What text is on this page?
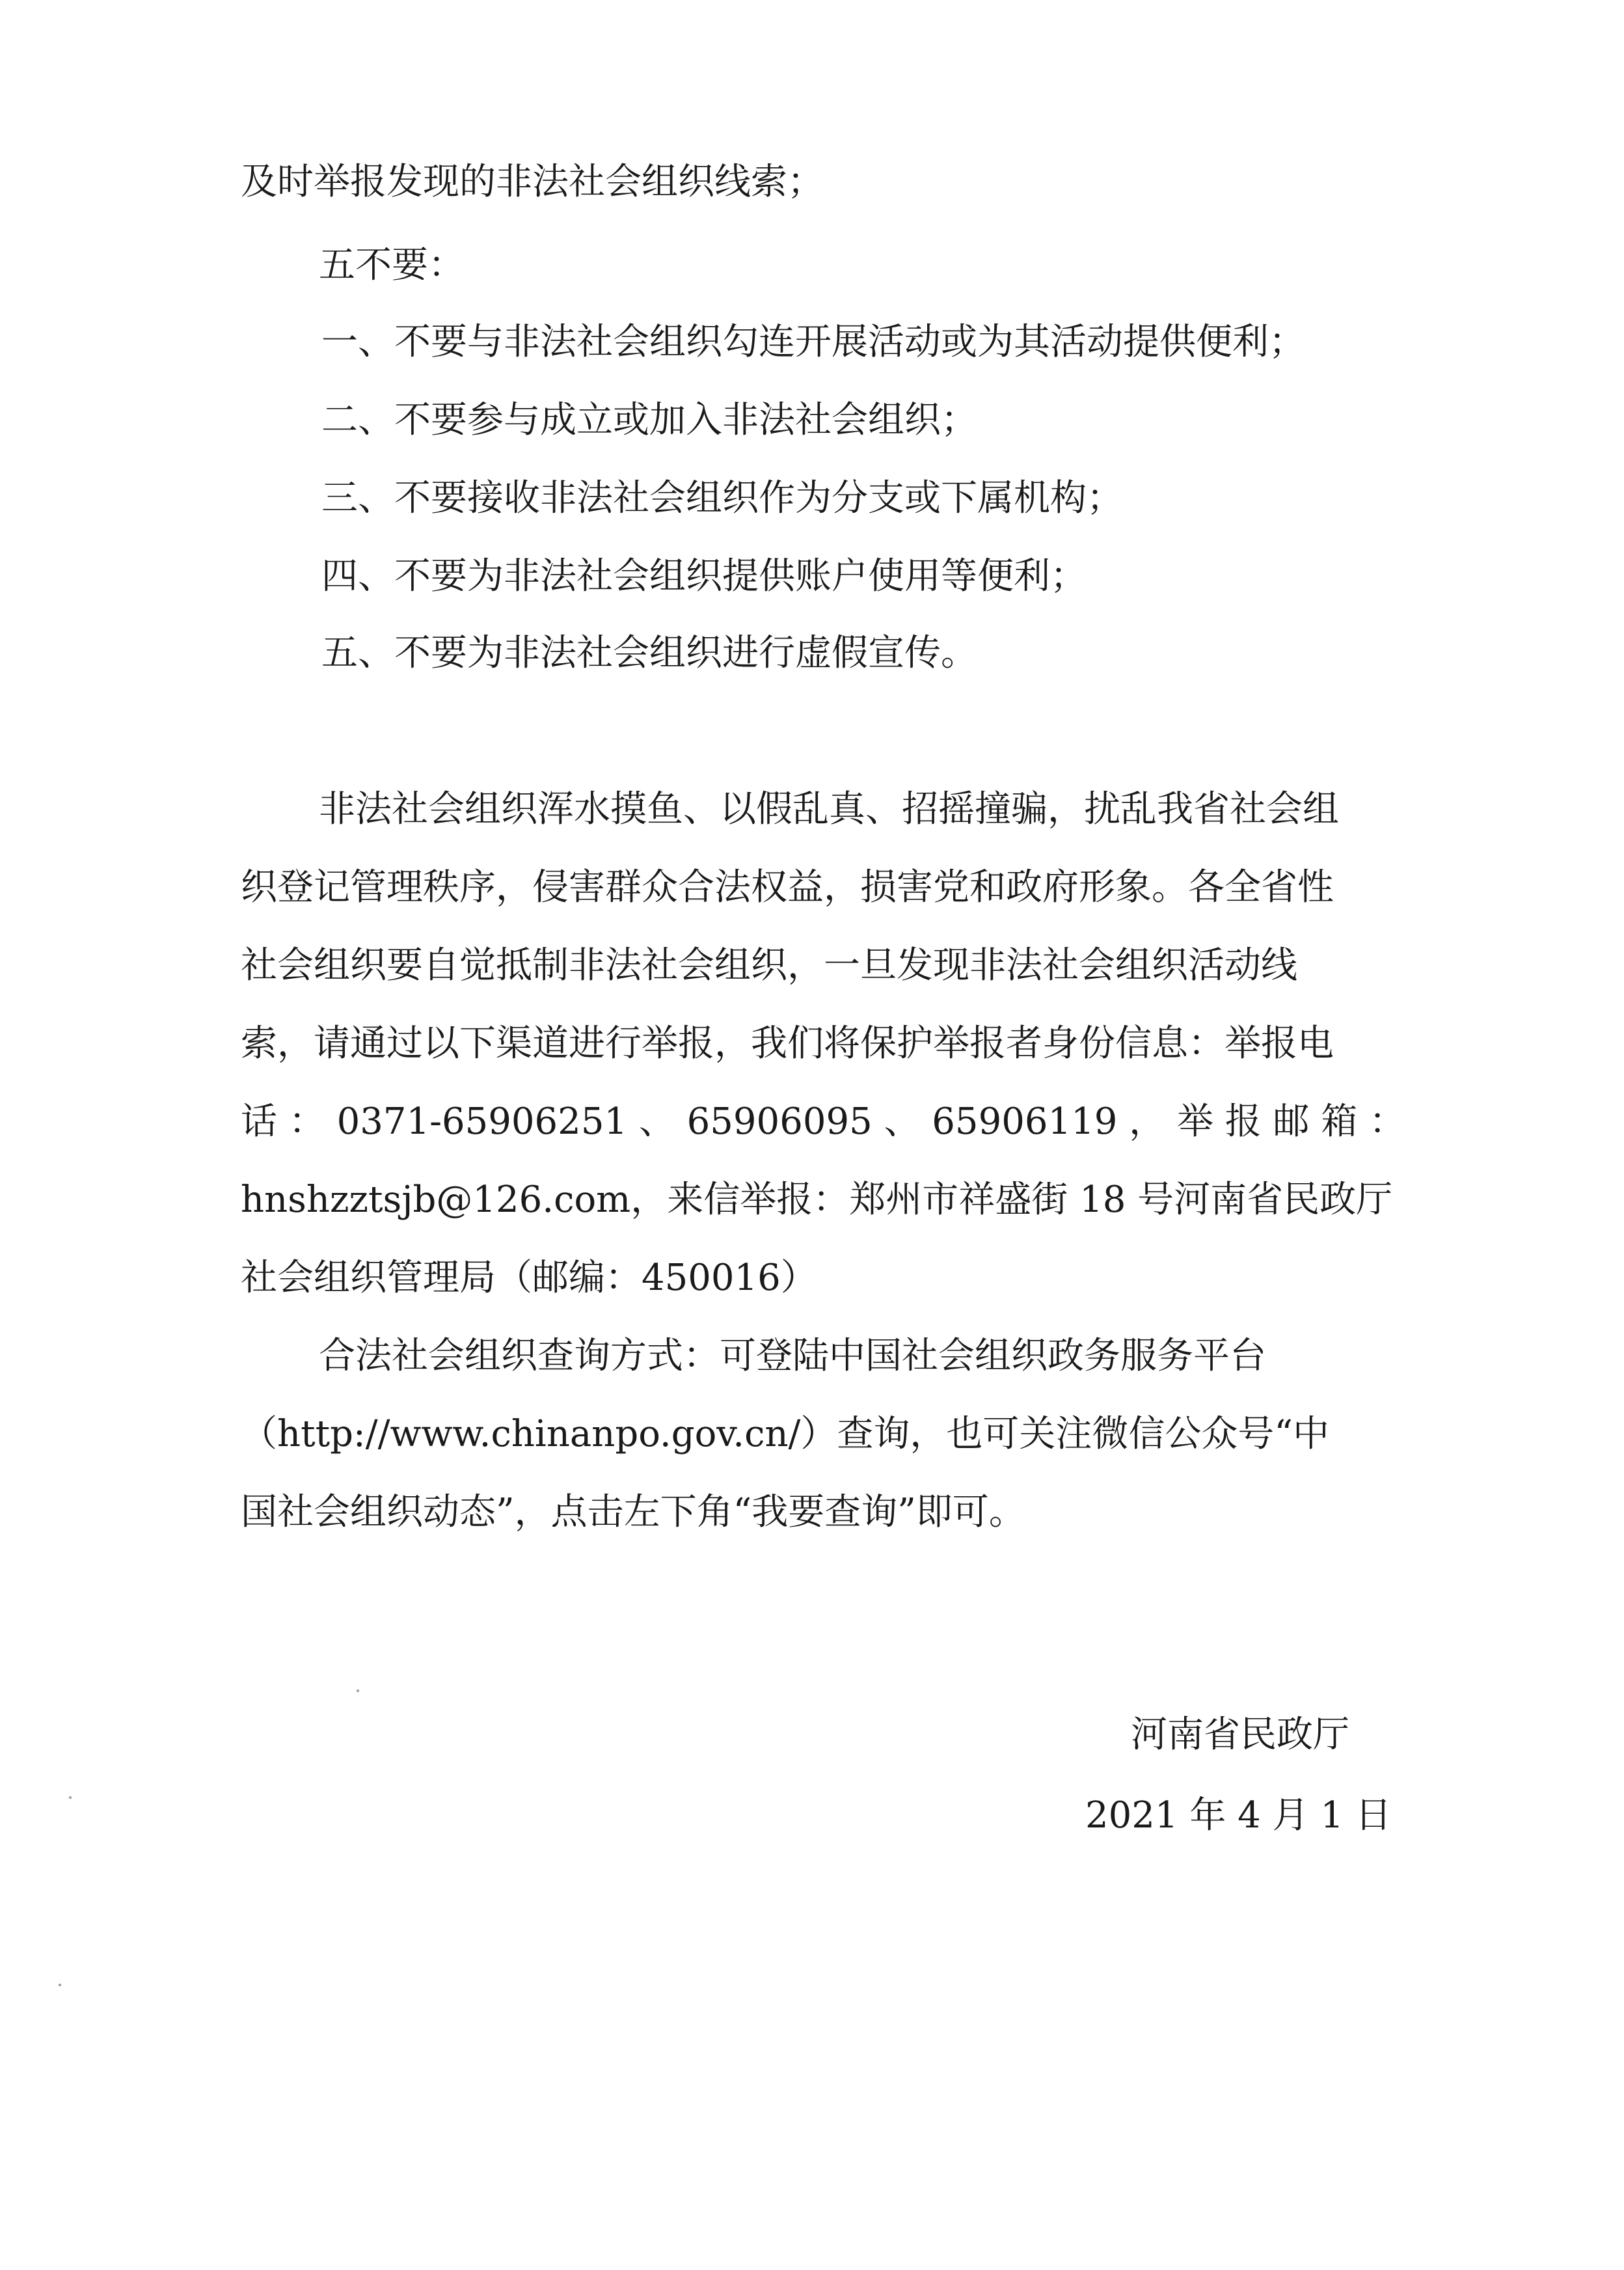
及时举报发现的非法社会组织线索；
五不要：
一、不要与非法社会组织勾连开展活动或为其活动提供便利；
二、不要参与成立或加入非法社会组织；
三、不要接收非法社会组织作为分支或下属机构；
四、不要为非法社会组织提供账户使用等便利；
五、不要为非法社会组织进行虚假宣传。
非法社会组织浑水摸鱼、以假乱真、招摇撞骗，扰乱我省社会组
织登记管理秩序，侵害群众合法权益，损害党和政府形象。各全省性
社会组织要自觉抵制非法社会组织，一旦发现非法社会组织活动线
索，请通过以下渠道进行举报，我们将保护举报者身份信息：举报电
话 ： 0371-65906251 、 65906095 、 65906119 ， 举 报 邮 箱 ：
hnshzztsjb@126.com，来信举报：郑州市祥盛街 18 号河南省民政厅
社会组织管理局（邮编：450016）
合法社会组织查询方式：可登陆中国社会组织政务服务平台
（http://www.chinanpo.gov.cn/）查询，也可关注微信公众号“中
国社会组织动态”，点击左下角“我要查询”即可。
河南省民政厅
2021 年 4 月 1 日
